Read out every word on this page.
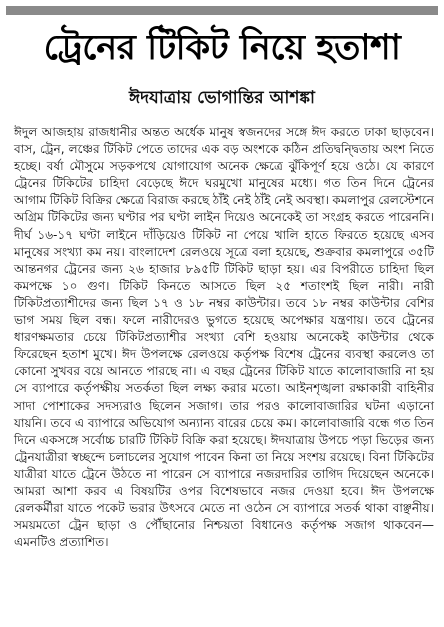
ট্রেনের টিকিট নিয়ে হতাশা
ঈদযাত্রায় ভোগান্তির আশঙ্কা

ঈদুল আজহায় রাজধানীর অন্তত অর্ধেক মানুষ স্বজনদের সঙ্গে ঈদ করতে ঢাকা ছাড়বেন। বাস, ট্রেন, লঞ্চের টিকিট পেতে তাদের এক বড় অংশকে কঠিন প্রতিদ্বন্দ্বিতায় অংশ নিতে হচ্ছে। বর্ষা মৌসুমে সড়কপথে যোগাযোগ অনেক ক্ষেত্রে ঝুঁকিপূর্ণ হয়ে ওঠে। যে কারণে ট্রেনের টিকিটের চাহিদা বেড়েছে ঈদে ঘরমুখো মানুষের মধ্যে। গত তিন দিনে ট্রেনের আগাম টিকিট বিক্রির ক্ষেত্রে বিরাজ করছে ঠাঁই নেই ঠাঁই নেই অবস্থা। কমলাপুর রেলস্টেশনে অগ্রিম টিকিটের জন্য ঘণ্টার পর ঘণ্টা লাইন দিয়েও অনেকেই তা সংগ্রহ করতে পারেননি। দীর্ঘ ১৬-১৭ ঘণ্টা লাইনে দাঁড়িয়েও টিকিট না পেয়ে খালি হাতে ফিরতে হয়েছে এসব মানুষের সংখ্যা কম নয়। বাংলাদেশ রেলওয়ে সূত্রে বলা হয়েছে, শুক্রবার কমলাপুরে ৩৫টি আন্তনগর ট্রেনের জন্য ২৬ হাজার ৮৯৫টি টিকিট ছাড়া হয়। এর বিপরীতে চাহিদা ছিল কমপক্ষে ১০ গুণ। টিকিট কিনতে আসতে ছিল ২৫ শতাংশই ছিল নারী। নারী টিকিটপ্রত্যাশীদের জন্য ছিল ১৭ ও ১৮ নম্বর কাউন্টার। তবে ১৮ নম্বর কাউন্টার বেশির ভাগ সময় ছিল বন্ধ। ফলে নারীদেরও ভুগতে হয়েছে অপেক্ষার যন্ত্রণায়। তবে ট্রেনের ধারণক্ষমতার চেয়ে টিকিটপ্রত্যাশীর সংখ্যা বেশি হওয়ায় অনেকেই কাউন্টার থেকে ফিরেছেন হতাশ মুখে। ঈদ উপলক্ষে রেলওয়ে কর্তৃপক্ষ বিশেষ ট্রেনের ব্যবস্থা করলেও তা কোনো সুখবর বয়ে আনতে পারছে না। এ বছর ট্রেনের টিকিট যাতে কালোবাজারি না হয় সে ব্যাপারে কর্তৃপক্ষীয় সতর্কতা ছিল লক্ষ্য করার মতো। আইনশৃঙ্খলা রক্ষাকারী বাহিনীর সাদা পোশাকের সদস্যরাও ছিলেন সজাগ। তার পরও কালোবাজারির ঘটনা এড়ানো যায়নি। তবে এ ব্যাপারে অভিযোগ অন্যান্য বারের চেয়ে কম। কালোবাজারি বন্ধে গত তিন দিনে একসঙ্গে সর্বোচ্চ চারটি টিকিট বিক্রি করা হয়েছে। ঈদযাত্রায় উপচে পড়া ভিড়ের জন্য ট্রেনযাত্রীরা স্বচ্ছন্দে চলাচলের সুযোগ পাবেন কিনা তা নিয়ে সংশয় রয়েছে। বিনা টিকিটের যাত্রীরা যাতে ট্রেনে উঠতে না পারেন সে ব্যাপারে নজরদারির তাগিদ দিয়েছেন অনেকে। আমরা আশা করব এ বিষয়টির ওপর বিশেষভাবে নজর দেওয়া হবে। ঈদ উপলক্ষে রেলকর্মীরা যাতে পকেট ভরার উৎসবে মেতে না ওঠেন সে ব্যাপারে সতর্ক থাকা বাঞ্ছনীয়। সময়মতো ট্রেন ছাড়া ও পৌঁছানোর নিশ্চয়তা বিধানেও কর্তৃপক্ষ সজাগ থাকবেন— এমনটিও প্রত্যাশিত।
